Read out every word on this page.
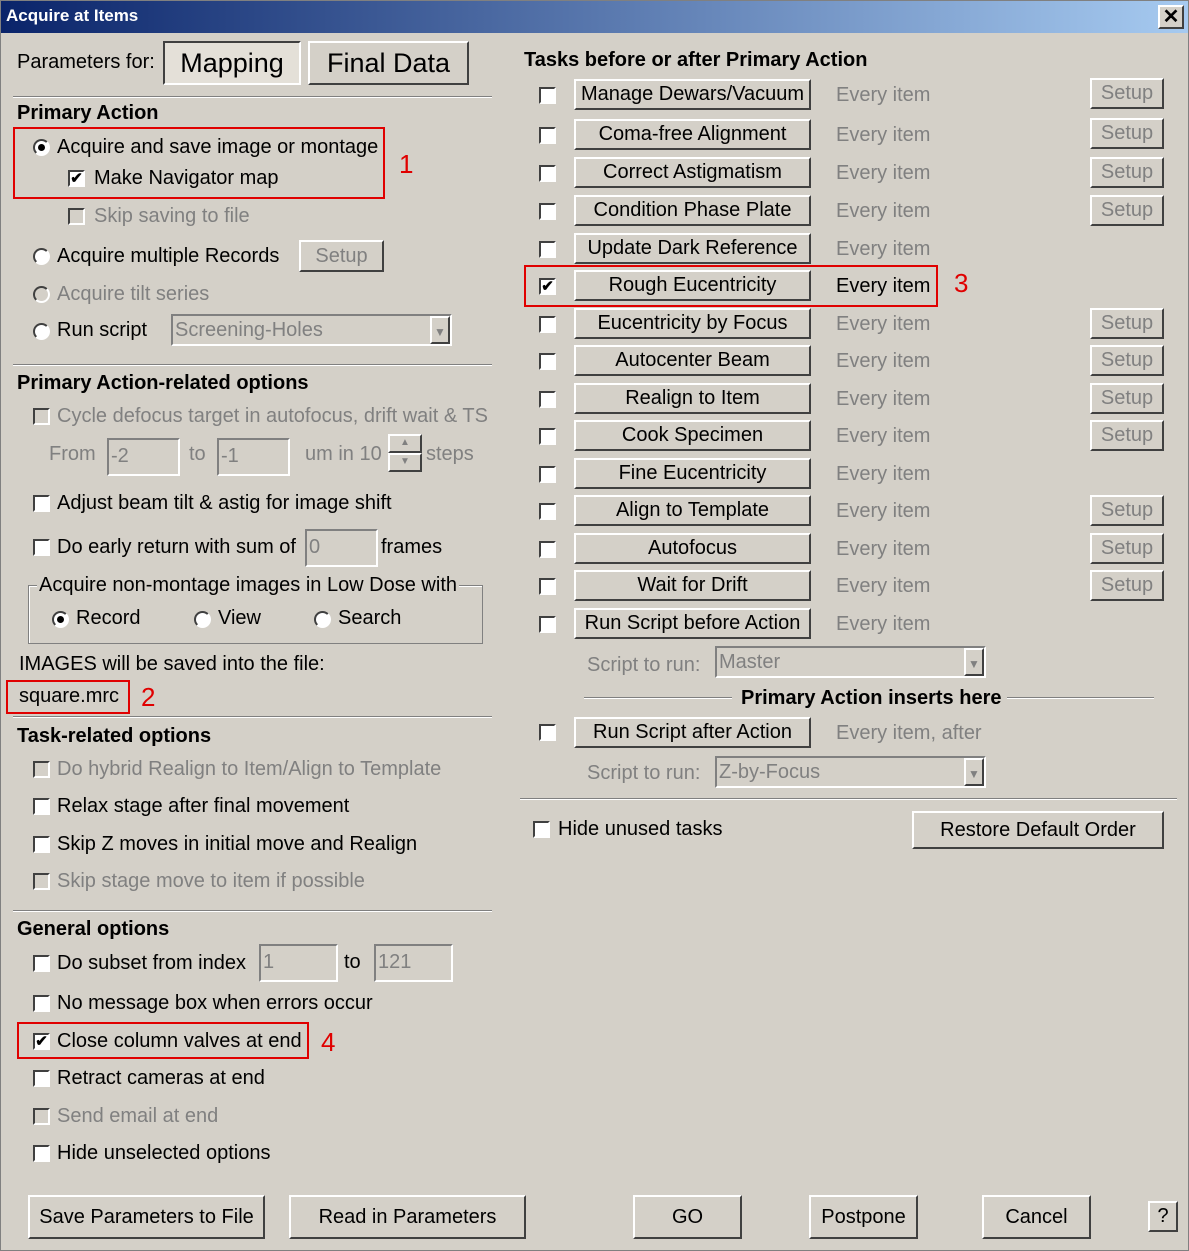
Acquire at Items	✕
Parameters for: Mapping	Final Data
Primary Action
Acquire and save image or montage
✔ Make Navigator map	1
Skip saving to file
Acquire multiple Records	Setup
Acquire tilt series
Run script Screening-Holes	▼
Primary Action-related options
Cycle defocus target in autofocus, drift wait & TS
From -2	to -1	um in 10
▲
▼ steps
Adjust beam tilt & astig for image shift
Do early return with sum of 0	frames
Acquire non-montage images in Low Dose with
Record	View	Search
IMAGES will be saved into the file:
square.mrc 2
Task-related options
Do hybrid Realign to Item/Align to Template
Relax stage after final movement
Skip Z moves in initial move and Realign
Skip stage move to item if possible
General options
Do subset from index 1	to 121
No message box when errors occur
✔ Close column valves at end 4
Retract cameras at end
Send email at end
Hide unselected options
Tasks before or after Primary Action
Manage Dewars/Vacuum	Every item	Setup
Coma-free Alignment	Every item	Setup
Correct Astigmatism	Every item	Setup
Condition Phase Plate	Every item	Setup
Update Dark Reference	Every item
✔	Rough Eucentricity	Every item
Eucentricity by Focus	Every item	Setup
Autocenter Beam	Every item	Setup
Realign to Item	Every item	Setup
Cook Specimen	Every item	Setup
Fine Eucentricity	Every item
Align to Template	Every item	Setup
Autofocus	Every item	Setup
Wait for Drift	Every item	Setup
Run Script before Action	Every item
3
Script to run: Master	▼
Primary Action inserts here
Run Script after Action	Every item, after
Script to run: Z-by-Focus	▼
Hide unused tasks	Restore Default Order
Save Parameters to File	Read in Parameters	GO	Postpone	Cancel	?
